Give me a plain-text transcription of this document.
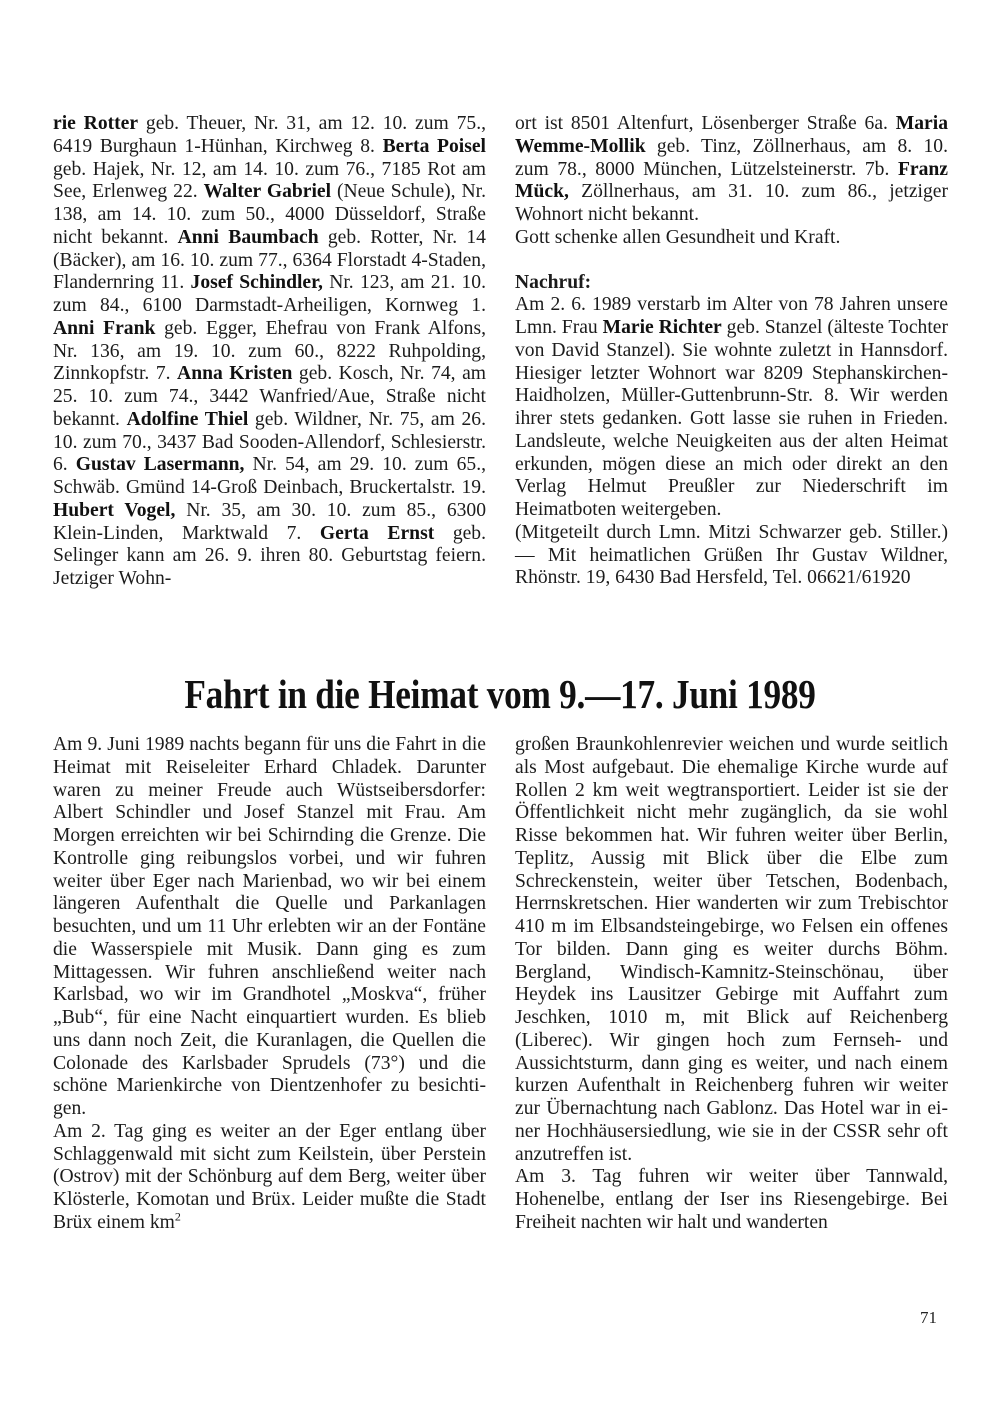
rie Rotter geb. Theuer, Nr. 31, am 12. 10. zum 75., 6419 Burghaun 1-Hünhan, Kirchweg 8. Berta Poisel geb. Hajek, Nr. 12, am 14. 10. zum 76., 7185 Rot am See, Erlenweg 22. Walter Gabriel (Neue Schule), Nr. 138, am 14. 10. zum 50., 4000 Düsseldorf, Straße nicht bekannt. Anni Baumbach geb. Rotter, Nr. 14 (Bäcker), am 16. 10. zum 77., 6364 Florstadt 4-Staden, Flandernring 11. Josef Schindler, Nr. 123, am 21. 10. zum 84., 6100 Darmstadt-Arheiligen, Kornweg 1. Anni Frank geb. Egger, Ehefrau von Frank Alfons, Nr. 136, am 19. 10. zum 60., 8222 Ruhpolding, Zinnkopfstr. 7. Anna Kristen geb. Kosch, Nr. 74, am 25. 10. zum 74., 3442 Wanfried/Aue, Straße nicht bekannt. Adolfine Thiel geb. Wildner, Nr. 75, am 26. 10. zum 70., 3437 Bad Sooden-Allendorf, Schlesierstr. 6. Gustav Lasermann, Nr. 54, am 29. 10. zum 65., Schwäb. Gmünd 14-Groß Deinbach, Bruckertalstr. 19. Hubert Vogel, Nr. 35, am 30. 10. zum 85., 6300 Klein-Linden, Marktwald 7. Gerta Ernst geb. Selinger kann am 26. 9. ihren 80. Geburtstag feiern. Jetziger Wohn-

ort ist 8501 Altenfurt, Lösenberger Straße 6a. Maria Wemme-Mollik geb. Tinz, Zöllnerhaus, am 8. 10. zum 78., 8000 München, Lützelsteinerstr. 7b. Franz Mück, Zöllnerhaus, am 31. 10. zum 86., jetziger Wohnort nicht bekannt.

Gott schenke allen Gesundheit und Kraft.

Nachruf:

Am 2. 6. 1989 verstarb im Alter von 78 Jahren unsere Lmn. Frau Marie Richter geb. Stanzel (älteste Tochter von David Stanzel). Sie wohnte zuletzt in Hannsdorf. Hiesiger letzter Wohnort war 8209 Stephanskirchen-Haidholzen, Müller-Guttenbrunn-Str. 8. Wir werden ihrer stets gedanken. Gott lasse sie ruhen in Frieden. Landsleute, welche Neuigkeiten aus der alten Heimat erkunden, mögen diese an mich oder direkt an den Verlag Helmut Preußler zur Niederschrift im Heimatboten weitergeben.

(Mitgeteilt durch Lmn. Mitzi Schwarzer geb. Stiller.) — Mit heimatlichen Grüßen Ihr Gustav Wildner, Rhönstr. 19, 6430 Bad Hersfeld, Tel. 06621/61920

Fahrt in die Heimat vom 9.—17. Juni 1989

Am 9. Juni 1989 nachts begann für uns die Fahrt in die Heimat mit Reiseleiter Erhard Chladek. Darunter waren zu meiner Freude auch Wüstseibersdorfer: Albert Schindler und Josef Stanzel mit Frau. Am Morgen erreichten wir bei Schirnding die Grenze. Die Kontrolle ging reibungslos vorbei, und wir fuhren weiter über Eger nach Marienbad, wo wir bei einem längeren Aufenthalt die Quelle und Parkanlagen besuchten, und um 11 Uhr erlebten wir an der Fontäne die Wasserspiele mit Musik. Dann ging es zum Mittagessen. Wir fuhren anschließend weiter nach Karlsbad, wo wir im Grandhotel „Moskva“, früher „Bub“, für eine Nacht einquartiert wurden. Es blieb uns dann noch Zeit, die Kuranlagen, die Quellen die Colonade des Karlsbader Sprudels (73°) und die schöne Marienkirche von Dientzenhofer zu besichtigen.

Am 2. Tag ging es weiter an der Eger entlang über Schlaggenwald mit sicht zum Keilstein, über Perstein (Ostrov) mit der Schönburg auf dem Berg, weiter über Klösterle, Komotan und Brüx. Leider mußte die Stadt Brüx einem $km^2$

großen Braunkohlenrevier weichen und wurde seitlich als Most aufgebaut. Die ehemalige Kirche wurde auf Rollen 2 km weit wegtransportiert. Leider ist sie der Öffentlichkeit nicht mehr zugänglich, da sie wohl Risse bekommen hat. Wir fuhren weiter über Berlin, Teplitz, Aussig mit Blick über die Elbe zum Schreckenstein, weiter über Tetschen, Bodenbach, Herrnskretschen. Hier wanderten wir zum Trebischtor 410 m im Elbsandsteingebirge, wo Felsen ein offenes Tor bilden. Dann ging es weiter durchs Böhm. Bergland, Windisch-Kamnitz-Steinschönau, über Heydek ins Lausitzer Gebirge mit Auffahrt zum Jeschken, 1010 m, mit Blick auf Reichenberg (Liberec). Wir gingen hoch zum Fernseh- und Aussichtsturm, dann ging es weiter, und nach einem kurzen Aufenthalt in Reichenberg fuhren wir weiter zur Übernachtung nach Gablonz. Das Hotel war in einer Hochhäusersiedlung, wie sie in der CSSR sehr oft anzutreffen ist.

Am 3. Tag fuhren wir weiter über Tannwald, Hohenelbe, entlang der Iser ins Riesengebirge. Bei Freiheit nachten wir halt und wanderten

71
